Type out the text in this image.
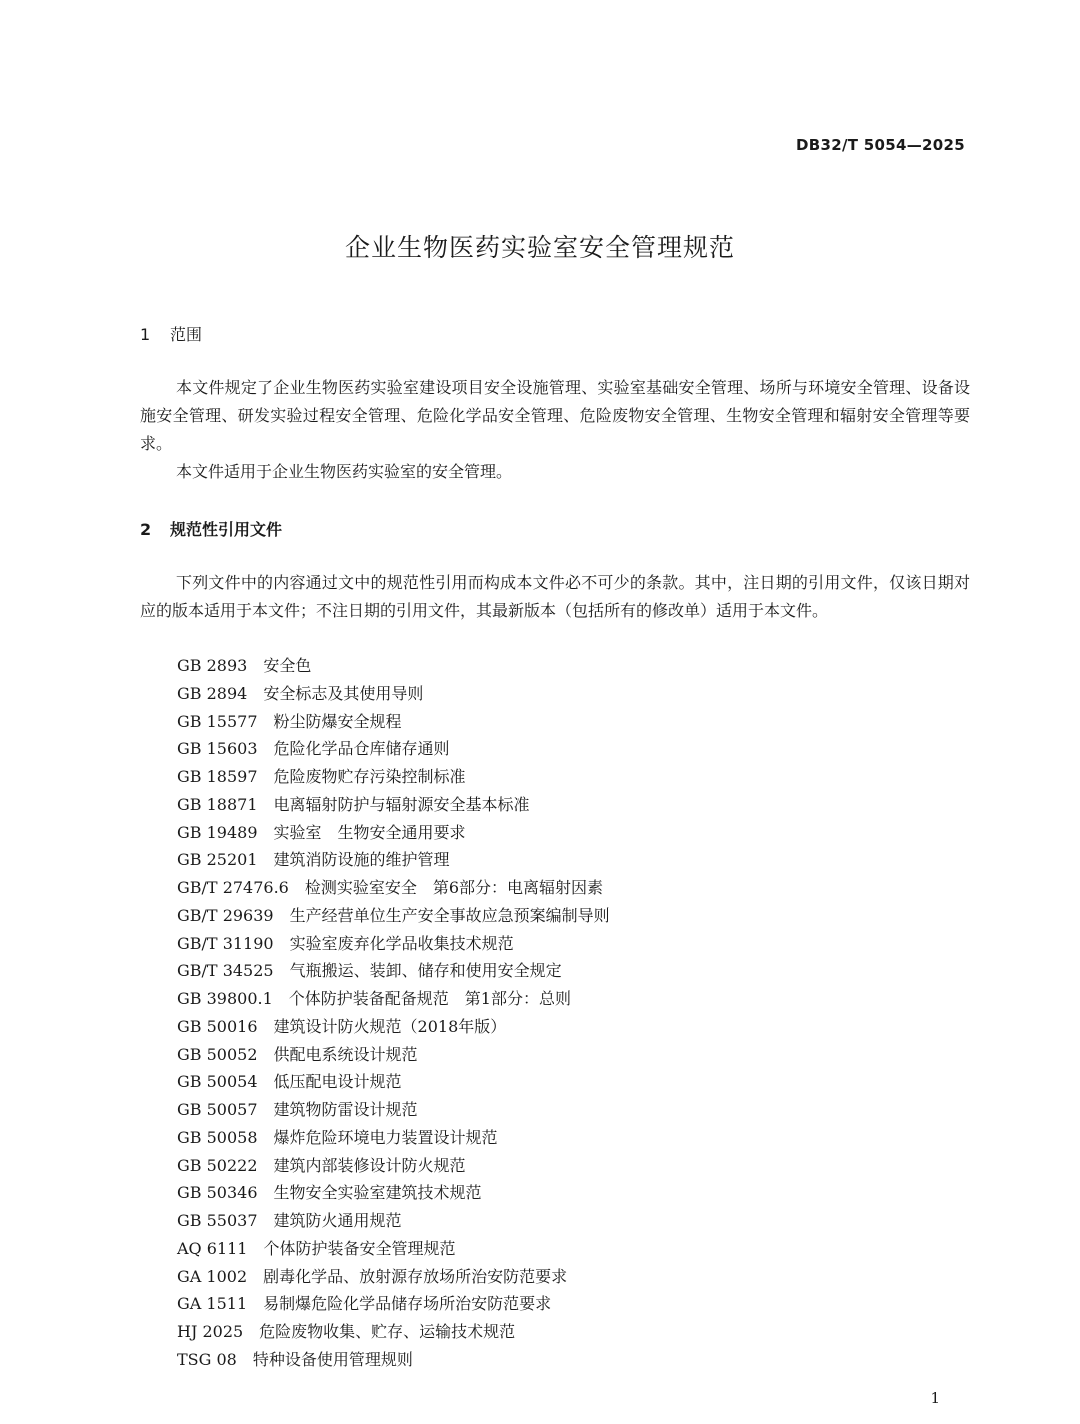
DB32/T 5054—2025
企业生物医药实验室安全管理规范
1 范围
本文件规定了企业生物医药实验室建设项目安全设施管理、实验室基础安全管理、场所与环境安全管理、设备设施安全管理、研发实验过程安全管理、危险化学品安全管理、危险废物安全管理、生物安全管理和辐射安全管理等要求。
本文件适用于企业生物医药实验室的安全管理。
2 规范性引用文件
下列文件中的内容通过文中的规范性引用而构成本文件必不可少的条款。其中，注日期的引用文件，仅该日期对应的版本适用于本文件；不注日期的引用文件，其最新版本（包括所有的修改单）适用于本文件。
GB 2893 安全色
GB 2894 安全标志及其使用导则
GB 15577 粉尘防爆安全规程
GB 15603 危险化学品仓库储存通则
GB 18597 危险废物贮存污染控制标准
GB 18871 电离辐射防护与辐射源安全基本标准
GB 19489 实验室　生物安全通用要求
GB 25201 建筑消防设施的维护管理
GB/T 27476.6 检测实验室安全　第6部分：电离辐射因素
GB/T 29639 生产经营单位生产安全事故应急预案编制导则
GB/T 31190 实验室废弃化学品收集技术规范
GB/T 34525 气瓶搬运、装卸、储存和使用安全规定
GB 39800.1 个体防护装备配备规范　第1部分：总则
GB 50016 建筑设计防火规范（2018年版）
GB 50052 供配电系统设计规范
GB 50054 低压配电设计规范
GB 50057 建筑物防雷设计规范
GB 50058 爆炸危险环境电力装置设计规范
GB 50222 建筑内部装修设计防火规范
GB 50346 生物安全实验室建筑技术规范
GB 55037 建筑防火通用规范
AQ 6111 个体防护装备安全管理规范
GA 1002 剧毒化学品、放射源存放场所治安防范要求
GA 1511 易制爆危险化学品储存场所治安防范要求
HJ 2025 危险废物收集、贮存、运输技术规范
TSG 08 特种设备使用管理规则
1
